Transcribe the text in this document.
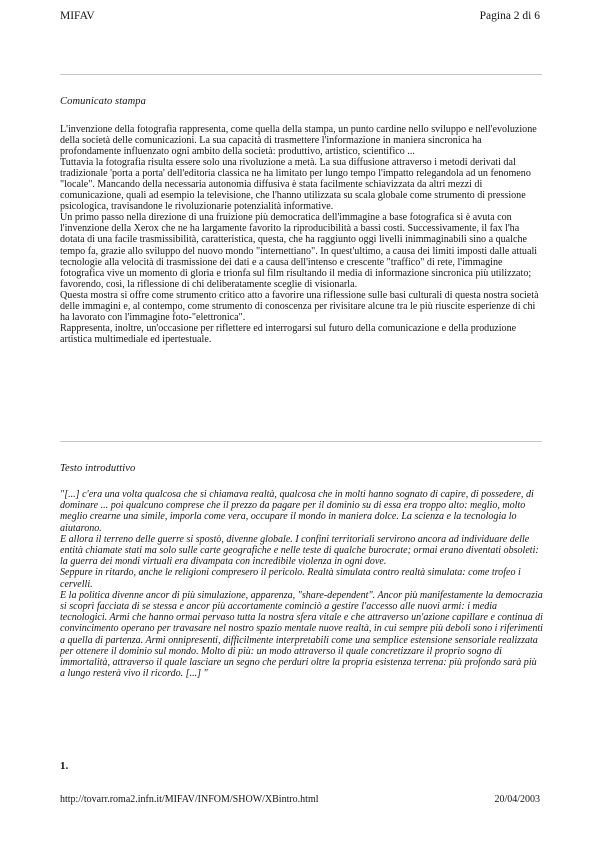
MIFAV	Pagina 2 di 6
Comunicato stampa

L'invenzione della fotografia rappresenta, come quella della stampa, un punto cardine nello sviluppo e nell'evoluzione della società delle comunicazioni. La sua capacità di trasmettere l'informazione in maniera sincronica ha profondamente influenzato ogni ambito della società: produttivo, artistico, scientifico ...

Tuttavia la fotografia risulta essere solo una rivoluzione a metà. La sua diffusione attraverso i metodi derivati dal tradizionale 'porta a porta' dell'editoria classica ne ha limitato per lungo tempo l'impatto relegandola ad un fenomeno "locale". Mancando della necessaria autonomia diffusiva è stata facilmente schiavizzata da altri mezzi di comunicazione, quali ad esempio la televisione, che l'hanno utilizzata su scala globale come strumento di pressione psicologica, travisandone le rivoluzionarie potenzialità informative.

Un primo passo nella direzione di una fruizione più democratica dell'immagine a base fotografica si è avuta con l'invenzione della Xerox che ne ha largamente favorito la riproducibilità a bassi costi. Successivamente, il fax l'ha dotata di una facile trasmissibilità, caratteristica, questa, che ha raggiunto oggi livelli inimmaginabili sino a qualche tempo fa, grazie allo sviluppo del nuovo mondo "internettiano". In quest'ultimo, a causa dei limiti imposti dalle attuali tecnologie alla velocità di trasmissione dei dati e a causa dell'intenso e crescente "traffico" di rete, l'immagine fotografica vive un momento di gloria e trionfa sul film risultando il media di informazione sincronica più utilizzato; favorendo, così, la riflessione di chi deliberatamente sceglie di visionarla.

Questa mostra si offre come strumento critico atto a favorire una riflessione sulle basi culturali di questa nostra società delle immagini e, al contempo, come strumento di conoscenza per rivisitare alcune tra le più riuscite esperienze di chi ha lavorato con l'immagine foto-"elettronica".

Rappresenta, inoltre, un'occasione per riflettere ed interrogarsi sul futuro della comunicazione e della produzione artistica multimediale ed ipertestuale.

Testo introduttivo

"[...] c'era una volta qualcosa che si chiamava realtà, qualcosa che in molti hanno sognato di capire, di possedere, di dominare ... poi qualcuno comprese che il prezzo da pagare per il dominio su di essa era troppo alto: meglio, molto meglio crearne una simile, imporla come vera, occupare il mondo in maniera dolce. La scienza e la tecnologia lo aiutarono.

E allora il terreno delle guerre si spostò, divenne globale. I confini territoriali servirono ancora ad individuare delle entità chiamate stati ma solo sulle carte geografiche e nelle teste di qualche burocrate; ormai erano diventati obsoleti: la guerra dei mondi virtuali era divampata con incredibile violenza in ogni dove.

Seppure in ritardo, anche le religioni compresero il pericolo. Realtà simulata contro realtà simulata: come trofeo i cervelli.

E la politica divenne ancor di più simulazione, apparenza, "share-dependent". Ancor più manifestamente la democrazia si scoprì facciata di se stessa e ancor più accortamente cominciò a gestire l'accesso alle nuovi armi: i media tecnologici. Armi che hanno ormai pervaso tutta la nostra sfera vitale e che attraverso un'azione capillare e continua di convincimento operano per travasare nel nostro spazio mentale nuove realtà, in cui sempre più deboli sono i riferimenti a quella di partenza. Armi onnipresenti, difficilmente interpretabili come una semplice estensione sensoriale realizzata per ottenere il dominio sul mondo. Molto di più: un modo attraverso il quale concretizzare il proprio sogno di immortalità, attraverso il quale lasciare un segno che perduri oltre la propria esistenza terrena: più profondo sarà più a lungo resterà vivo il ricordo. [...] "

1.
http://tovarr.roma2.infn.it/MIFAV/INFOM/SHOW/XBintro.html	20/04/2003
